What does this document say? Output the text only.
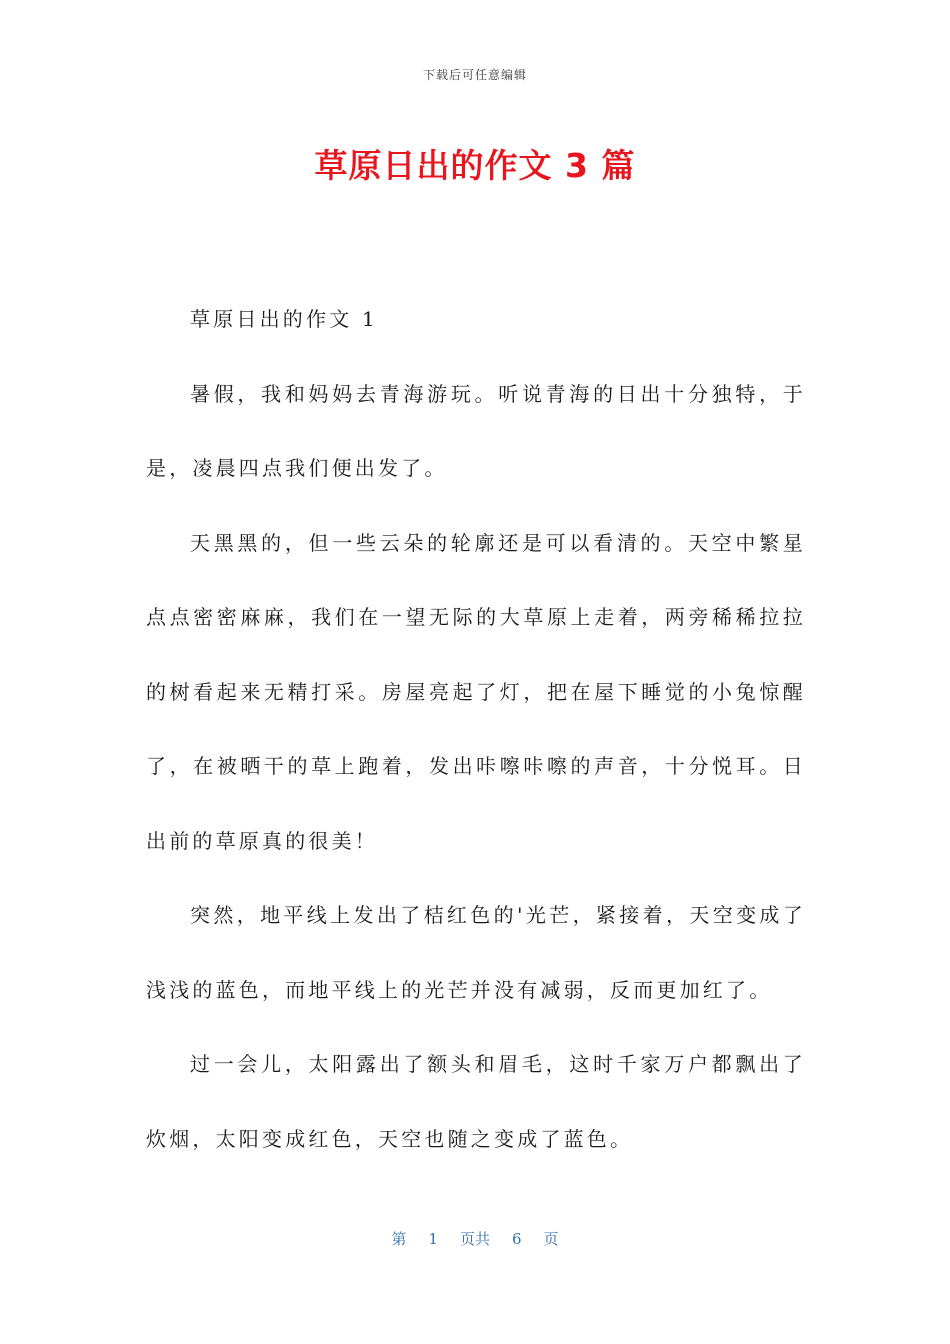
下载后可任意编辑
草原日出的作文 3 篇

草原日出的作文 1

暑假，我和妈妈去青海游玩。听说青海的日出十分独特，于是，凌晨四点我们便出发了。

天黑黑的，但一些云朵的轮廓还是可以看清的。天空中繁星点点密密麻麻，我们在一望无际的大草原上走着，两旁稀稀拉拉的树看起来无精打采。房屋亮起了灯，把在屋下睡觉的小兔惊醒了，在被晒干的草上跑着，发出咔嚓咔嚓的声音，十分悦耳。日出前的草原真的很美！

突然，地平线上发出了桔红色的'光芒，紧接着，天空变成了浅浅的蓝色，而地平线上的光芒并没有减弱，反而更加红了。

过一会儿，太阳露出了额头和眉毛，这时千家万户都飘出了炊烟，太阳变成红色，天空也随之变成了蓝色。

第 1 页共 6 页
